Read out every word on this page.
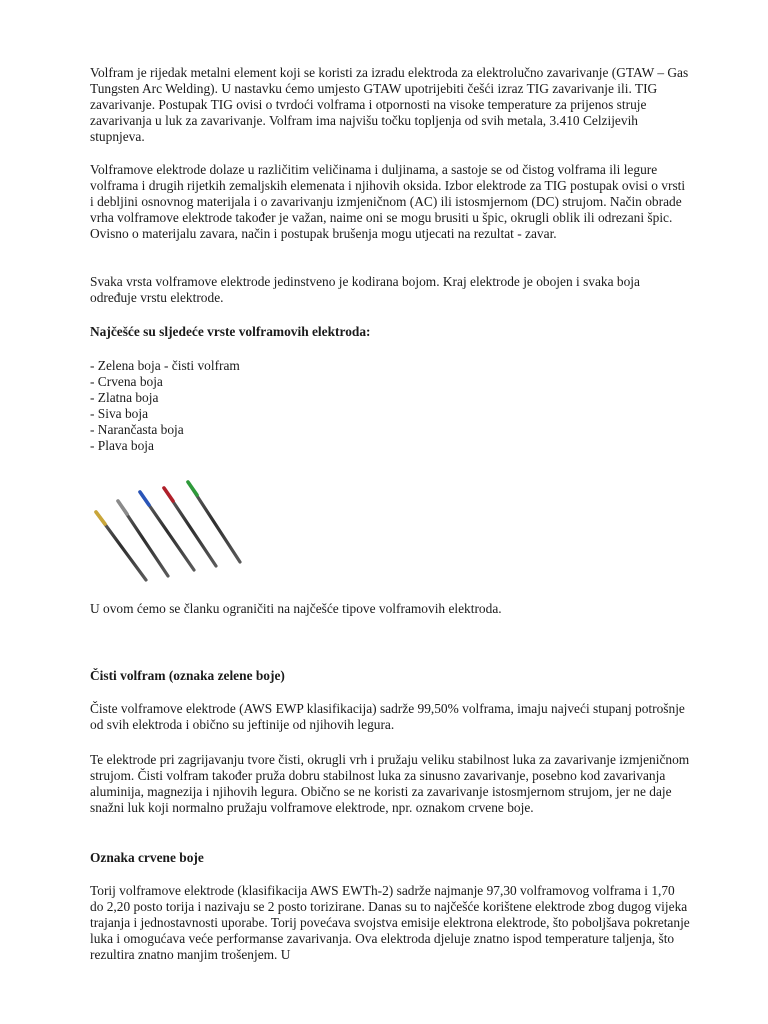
Volfram je rijedak metalni element koji se koristi za izradu elektroda za elektrolučno zavarivanje (GTAW – Gas Tungsten Arc Welding). U nastavku ćemo umjesto GTAW upotrijebiti češći izraz TIG zavarivanje ili. TIG zavarivanje. Postupak TIG ovisi o tvrdoći volframa i otpornosti na visoke temperature za prijenos struje zavarivanja u luk za zavarivanje. Volfram ima najvišu točku topljenja od svih metala, 3.410 Celzijevih stupnjeva.

Volframove elektrode dolaze u različitim veličinama i duljinama, a sastoje se od čistog volframa ili legure volframa i drugih rijetkih zemaljskih elemenata i njihovih oksida. Izbor elektrode za TIG postupak ovisi o vrsti i debljini osnovnog materijala i o zavarivanju izmjeničnom (AC) ili istosmjernom (DC) strujom. Način obrade vrha volframove elektrode također je važan, naime oni se mogu brusiti u špic, okrugli oblik ili odrezani špic. Ovisno o materijalu zavara, način i postupak brušenja mogu utjecati na rezultat - zavar.

Svaka vrsta volframove elektrode jedinstveno je kodirana bojom. Kraj elektrode je obojen i svaka boja određuje vrstu elektrode.

Najčešće su sljedeće vrste volframovih elektroda:

- Zelena boja - čisti volfram
- Crvena boja
- Zlatna boja
- Siva boja
- Narančasta boja
- Plava boja

U ovom ćemo se članku ograničiti na najčešće tipove volframovih elektroda.

Čisti volfram (oznaka zelene boje)

Čiste volframove elektrode (AWS EWP klasifikacija) sadrže 99,50% volframa, imaju najveći stupanj potrošnje od svih elektroda i obično su jeftinije od njihovih legura.

Te elektrode pri zagrijavanju tvore čisti, okrugli vrh i pružaju veliku stabilnost luka za zavarivanje izmjeničnom strujom. Čisti volfram također pruža dobru stabilnost luka za sinusno zavarivanje, posebno kod zavarivanja aluminija, magnezija i njihovih legura. Obično se ne koristi za zavarivanje istosmjernom strujom, jer ne daje snažni luk koji normalno pružaju volframove elektrode, npr. oznakom crvene boje.

Oznaka crvene boje

Torij volframove elektrode (klasifikacija AWS EWTh-2) sadrže najmanje 97,30 volframovog volframa i 1,70 do 2,20 posto torija i nazivaju se 2 posto torizirane. Danas su to najčešće korištene elektrode zbog dugog vijeka trajanja i jednostavnosti uporabe. Torij povećava svojstva emisije elektrona elektrode, što poboljšava pokretanje luka i omogućava veće performanse zavarivanja. Ova elektroda djeluje znatno ispod temperature taljenja, što rezultira znatno manjim trošenjem. U
